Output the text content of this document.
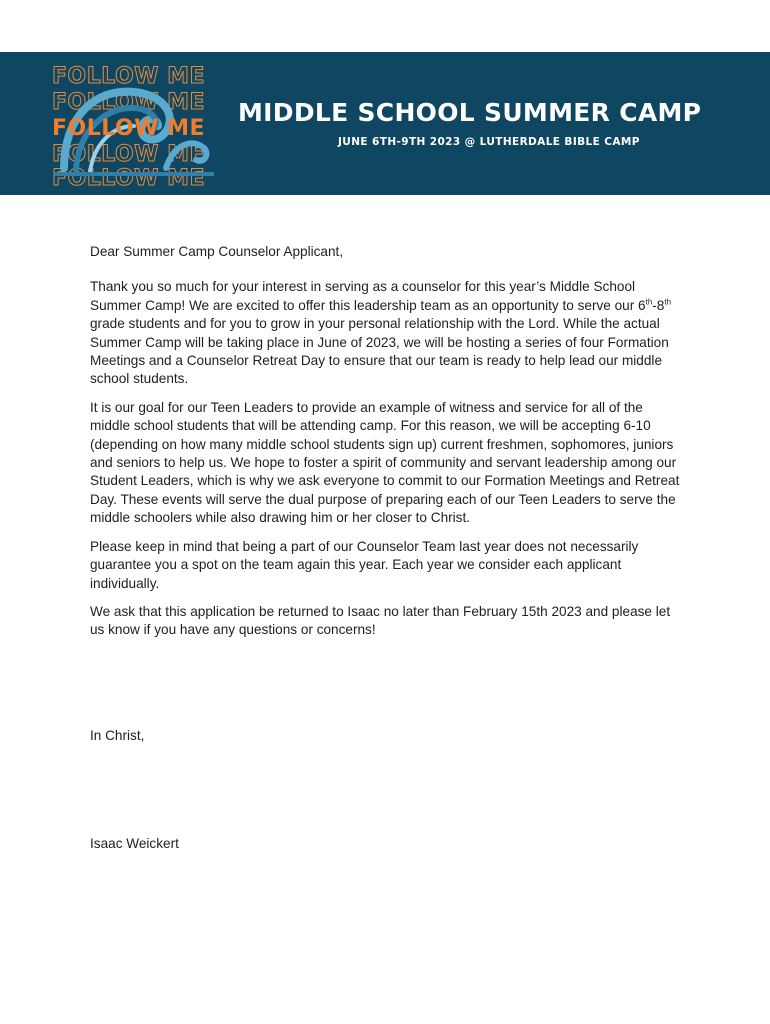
FOLLOW ME
FOLLOW ME
FOLLOW ME
FOLLOW ME
FOLLOW ME
MIDDLE SCHOOL SUMMER CAMP
JUNE 6TH-9TH 2023 @ LUTHERDALE BIBLE CAMP

Dear Summer Camp Counselor Applicant,

Thank you so much for your interest in serving as a counselor for this year’s Middle School Summer Camp! We are excited to offer this leadership team as an opportunity to serve our 6th-8th grade students and for you to grow in your personal relationship with the Lord. While the actual Summer Camp will be taking place in June of 2023, we will be hosting a series of four Formation Meetings and a Counselor Retreat Day to ensure that our team is ready to help lead our middle school students.

It is our goal for our Teen Leaders to provide an example of witness and service for all of the middle school students that will be attending camp. For this reason, we will be accepting 6-10 (depending on how many middle school students sign up) current freshmen, sophomores, juniors and seniors to help us. We hope to foster a spirit of community and servant leadership among our Student Leaders, which is why we ask everyone to commit to our Formation Meetings and Retreat Day. These events will serve the dual purpose of preparing each of our Teen Leaders to serve the middle schoolers while also drawing him or her closer to Christ.

Please keep in mind that being a part of our Counselor Team last year does not necessarily guarantee you a spot on the team again this year. Each year we consider each applicant individually.

We ask that this application be returned to Isaac no later than February 15th 2023 and please let us know if you have any questions or concerns!

In Christ,
Isaac Weickert
